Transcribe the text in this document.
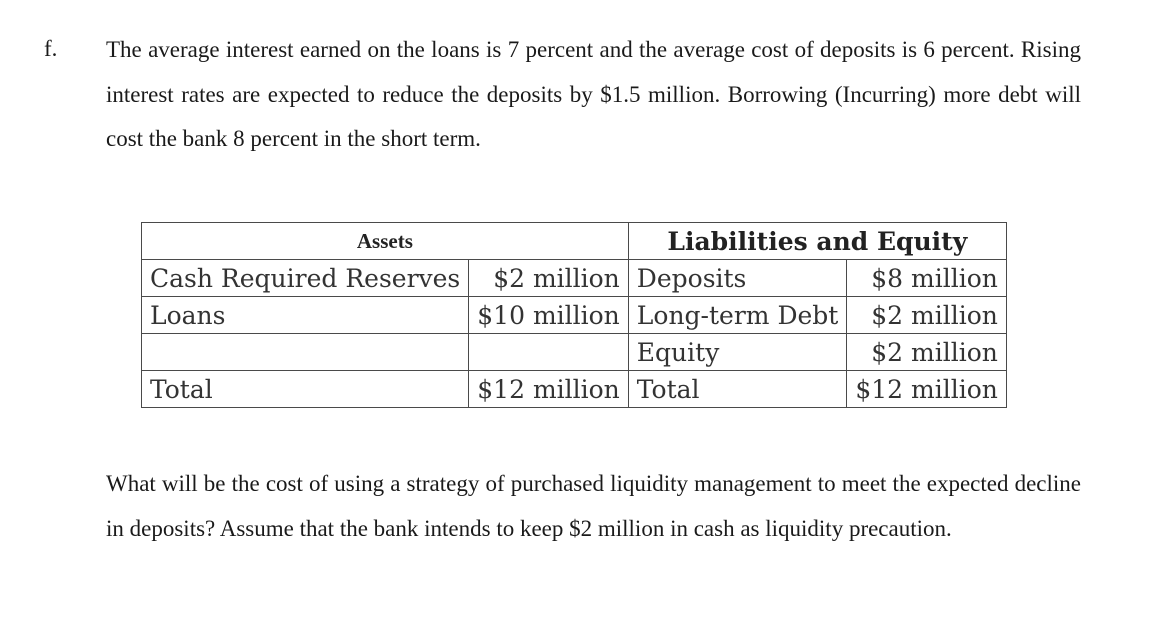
f. The average interest earned on the loans is 7 percent and the average cost of deposits is 6 percent. Rising interest rates are expected to reduce the deposits by $1.5 million. Borrowing (Incurring) more debt will cost the bank 8 percent in the short term.

Assets		Liabilities and Equity	
Cash Required Reserves	$2 million	Deposits	$8 million
Loans	$10 million	Long-term Debt	$2 million
		Equity	$2 million
Total	$12 million	Total	$12 million

What will be the cost of using a strategy of purchased liquidity management to meet the expected decline in deposits? Assume that the bank intends to keep $2 million in cash as liquidity precaution.
